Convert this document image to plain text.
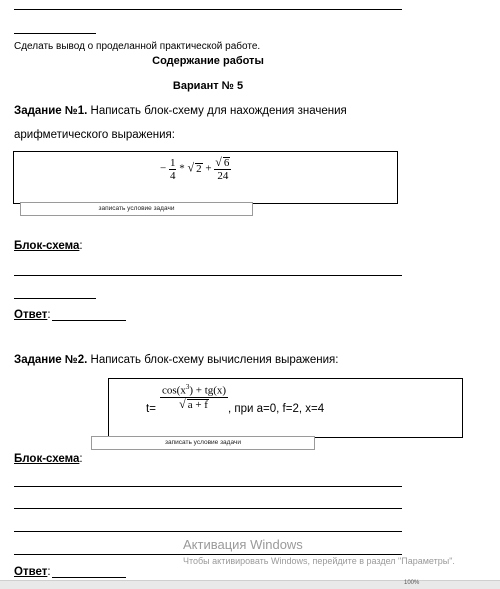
Сделать вывод о проделанной практической работе.
Содержание работы
Вариант № 5
Задание №1. Написать блок-схему для нахождения значения
арифметического выражения:
− $\frac{1}{4}$ * √ $2 + \frac{√ 6}{24}$
записать условие задачи
Блок-схема:
Ответ:
Задание №2. Написать блок-схему вычисления выражения:
$t= \frac{\cos(x^3) + tg(x)}{√ a + f}$ , при a=0, f=2, x=4
записать условие задачи
Блок-схема:
Ответ:
Активация Windows
Чтобы активировать Windows, перейдите в раздел "Параметры".
100%
